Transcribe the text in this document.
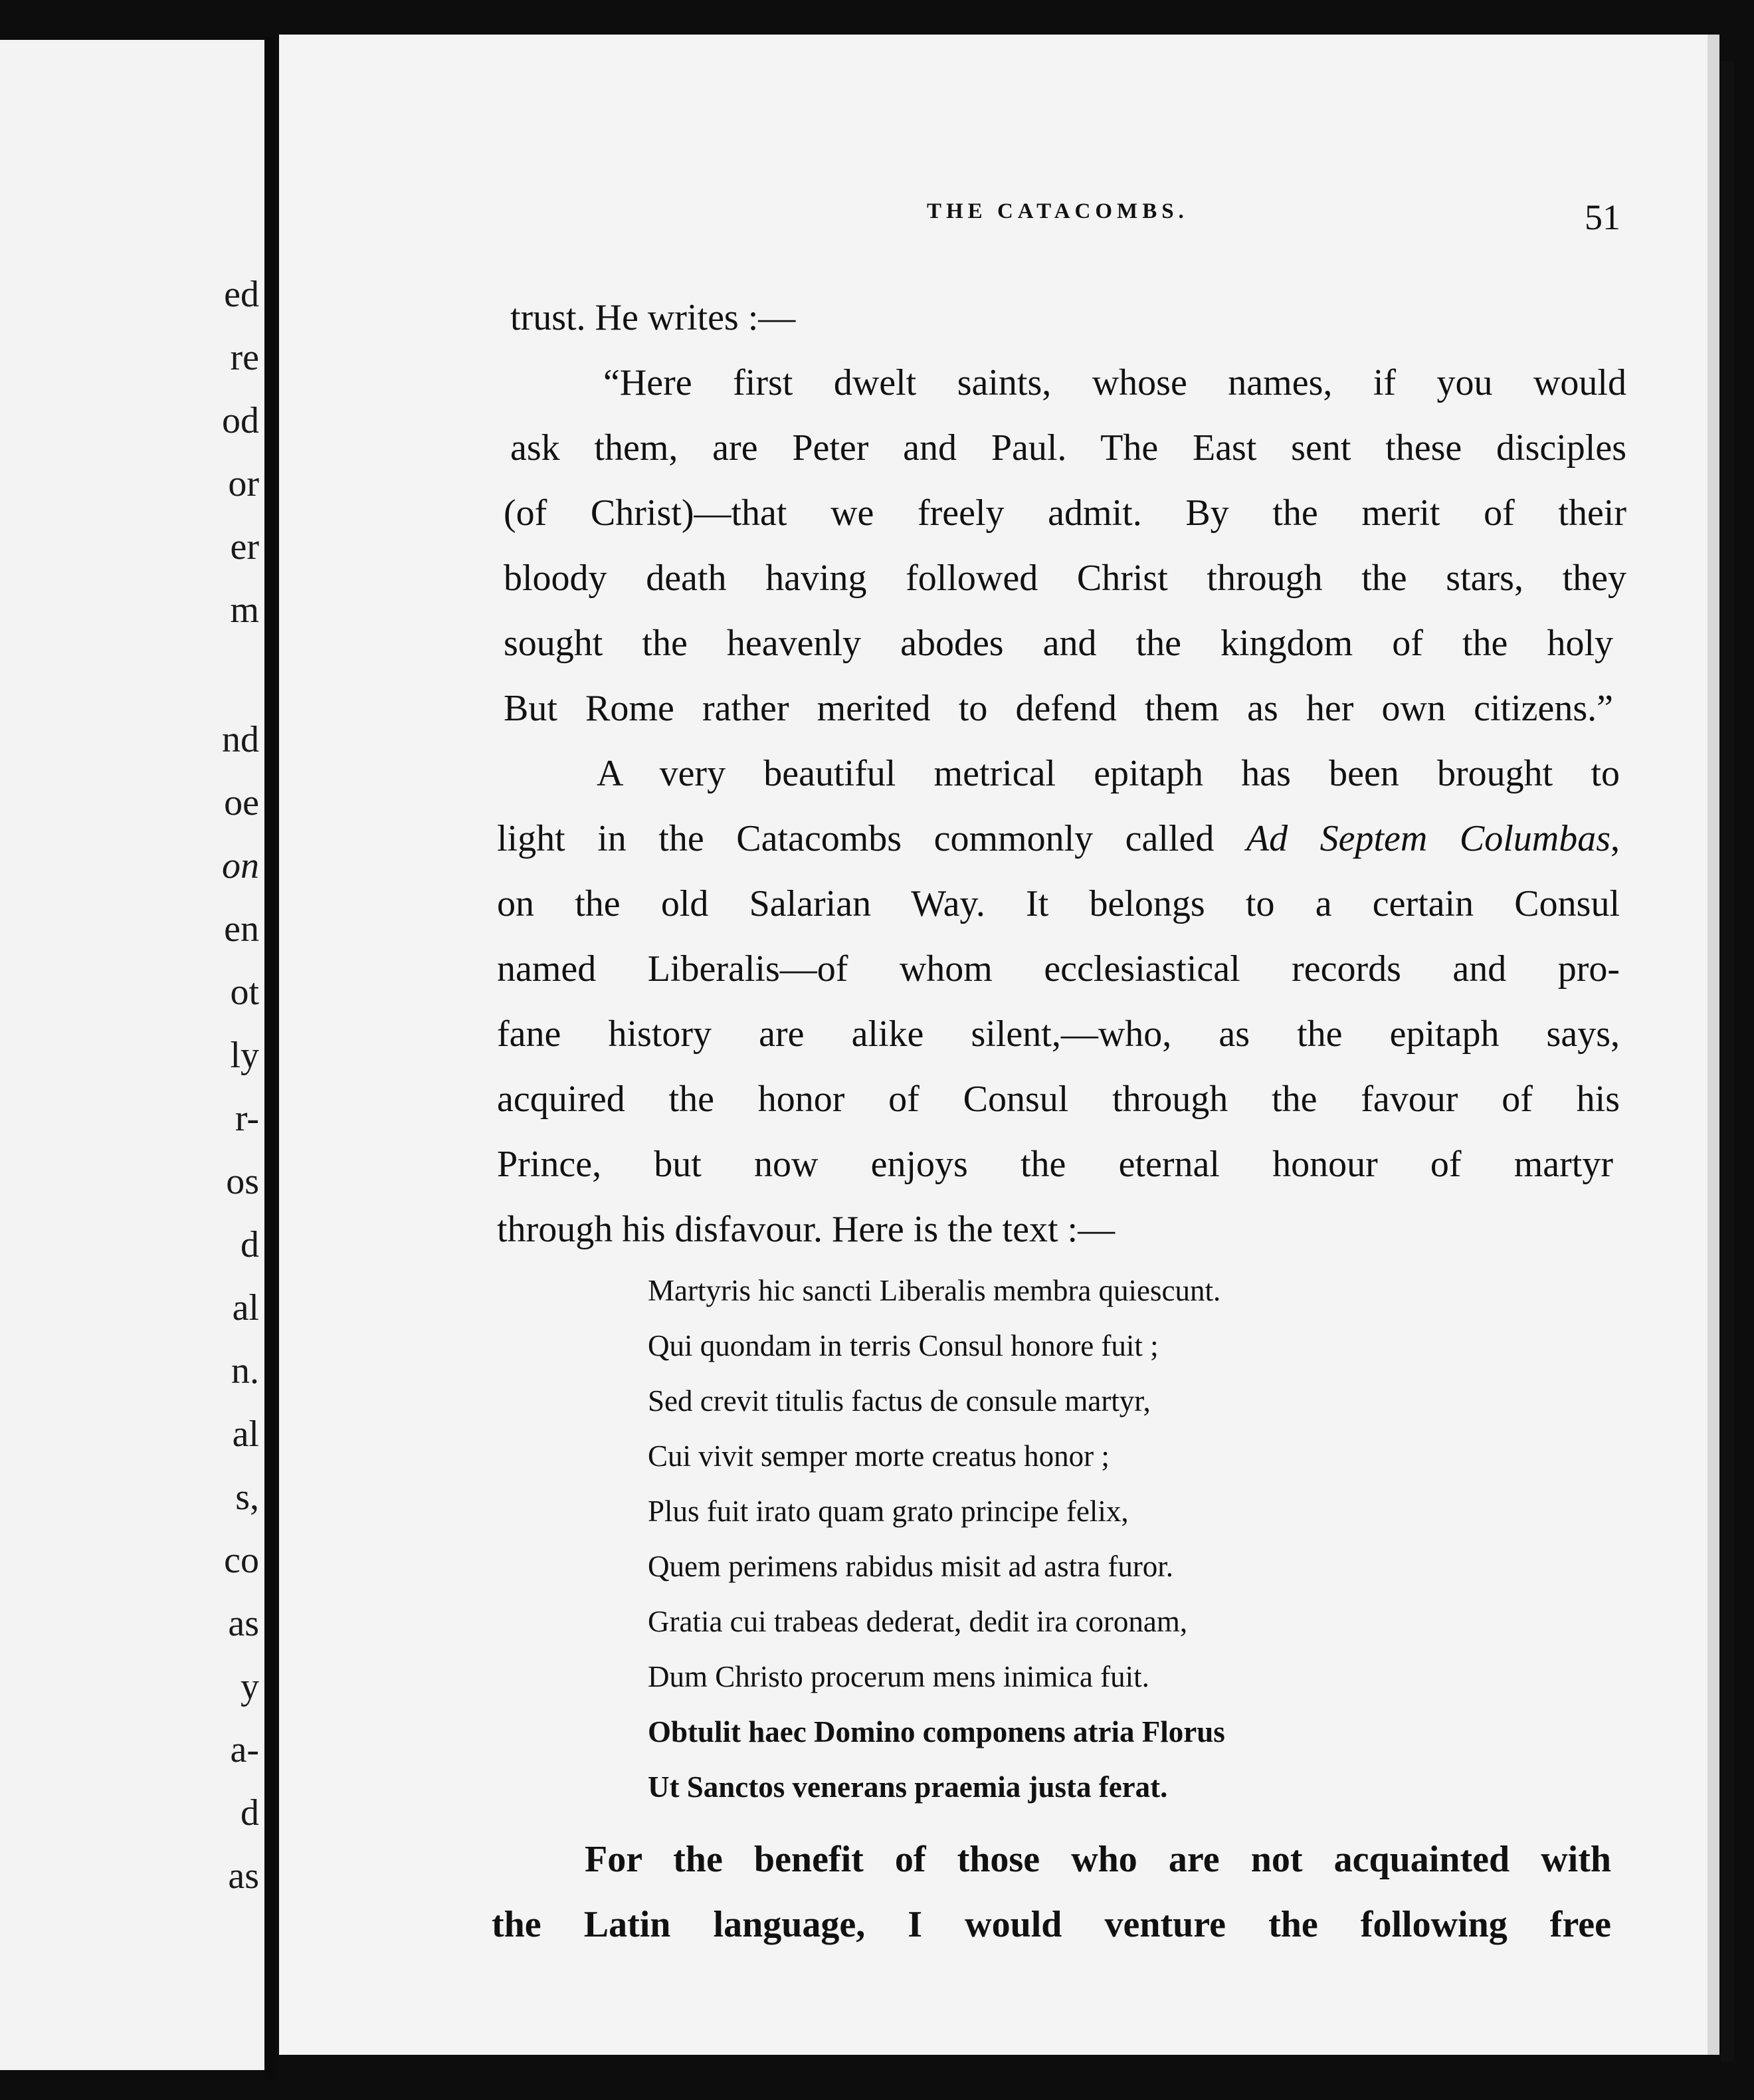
ed
re
od
or
er
m
nd
oe
on
en
ot
ly
r-
os
d
al
n.
al
s,
co
as
y
a-
d
as
THE CATACOMBS.	51
trust. He writes :—
“Here first dwelt saints, whose names, if you would
ask them, are Peter and Paul. The East sent these disciples
(of Christ)—that we freely admit. By the merit of their
bloody death having followed Christ through the stars, they
sought the heavenly abodes and the kingdom of the holy
But Rome rather merited to defend them as her own citizens.”
A very beautiful metrical epitaph has been brought to
light in the Catacombs commonly called Ad Septem Columbas,
on the old Salarian Way. It belongs to a certain Consul
named Liberalis—of whom ecclesiastical records and pro-
fane history are alike silent,—who, as the epitaph says,
acquired the honor of Consul through the favour of his
Prince, but now enjoys the eternal honour of martyr
through his disfavour. Here is the text :—
Martyris hic sancti Liberalis membra quiescunt.
Qui quondam in terris Consul honore fuit ;
Sed crevit titulis factus de consule martyr,
Cui vivit semper morte creatus honor ;
Plus fuit irato quam grato principe felix,
Quem perimens rabidus misit ad astra furor.
Gratia cui trabeas dederat, dedit ira coronam,
Dum Christo procerum mens inimica fuit.
Obtulit haec Domino componens atria Florus
Ut Sanctos venerans praemia justa ferat.
For the benefit of those who are not acquainted with
the Latin language, I would venture the following free
